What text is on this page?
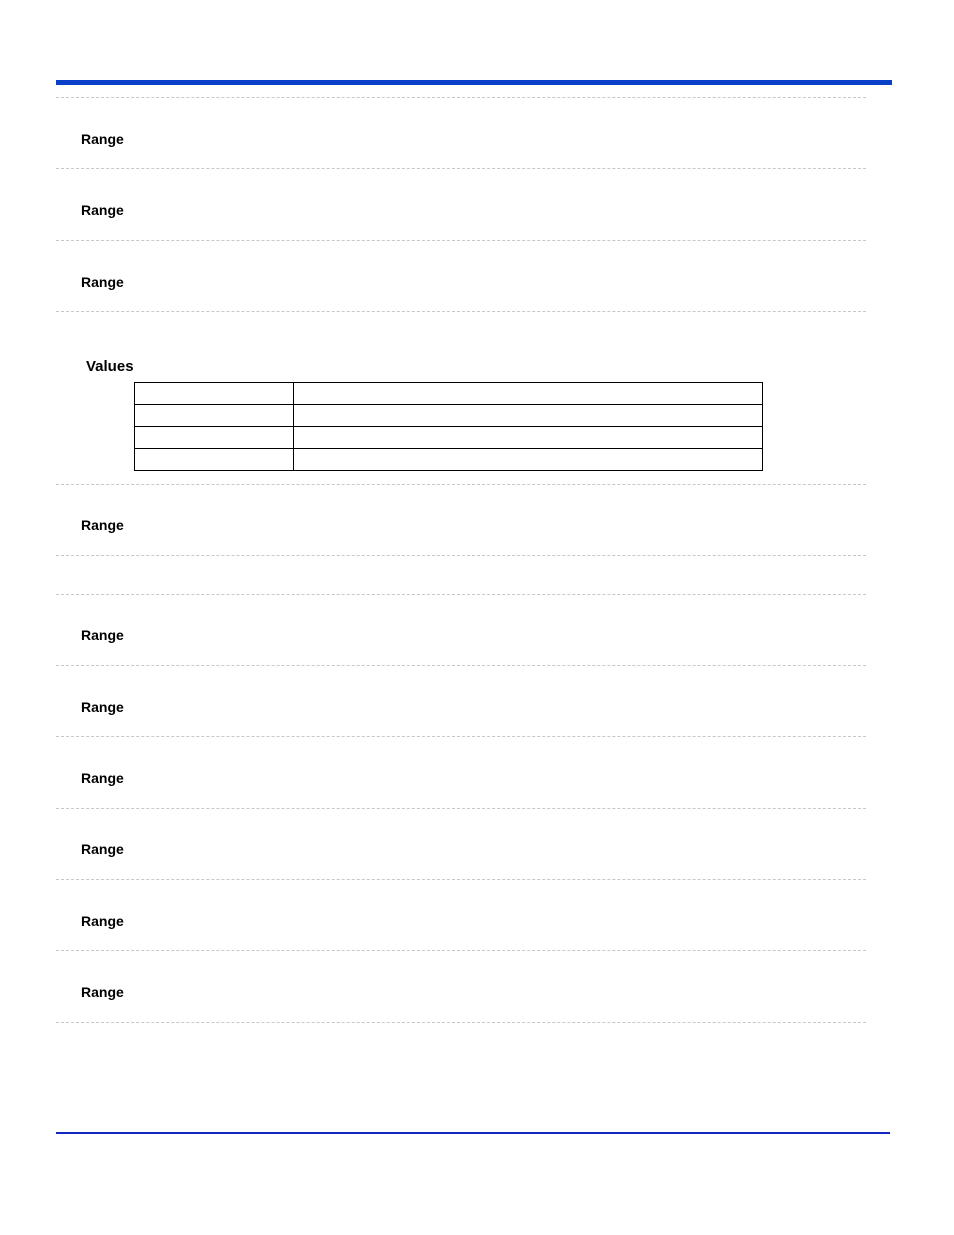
Range
Range
Range
Values

Range
Range
Range
Range
Range
Range
Range
